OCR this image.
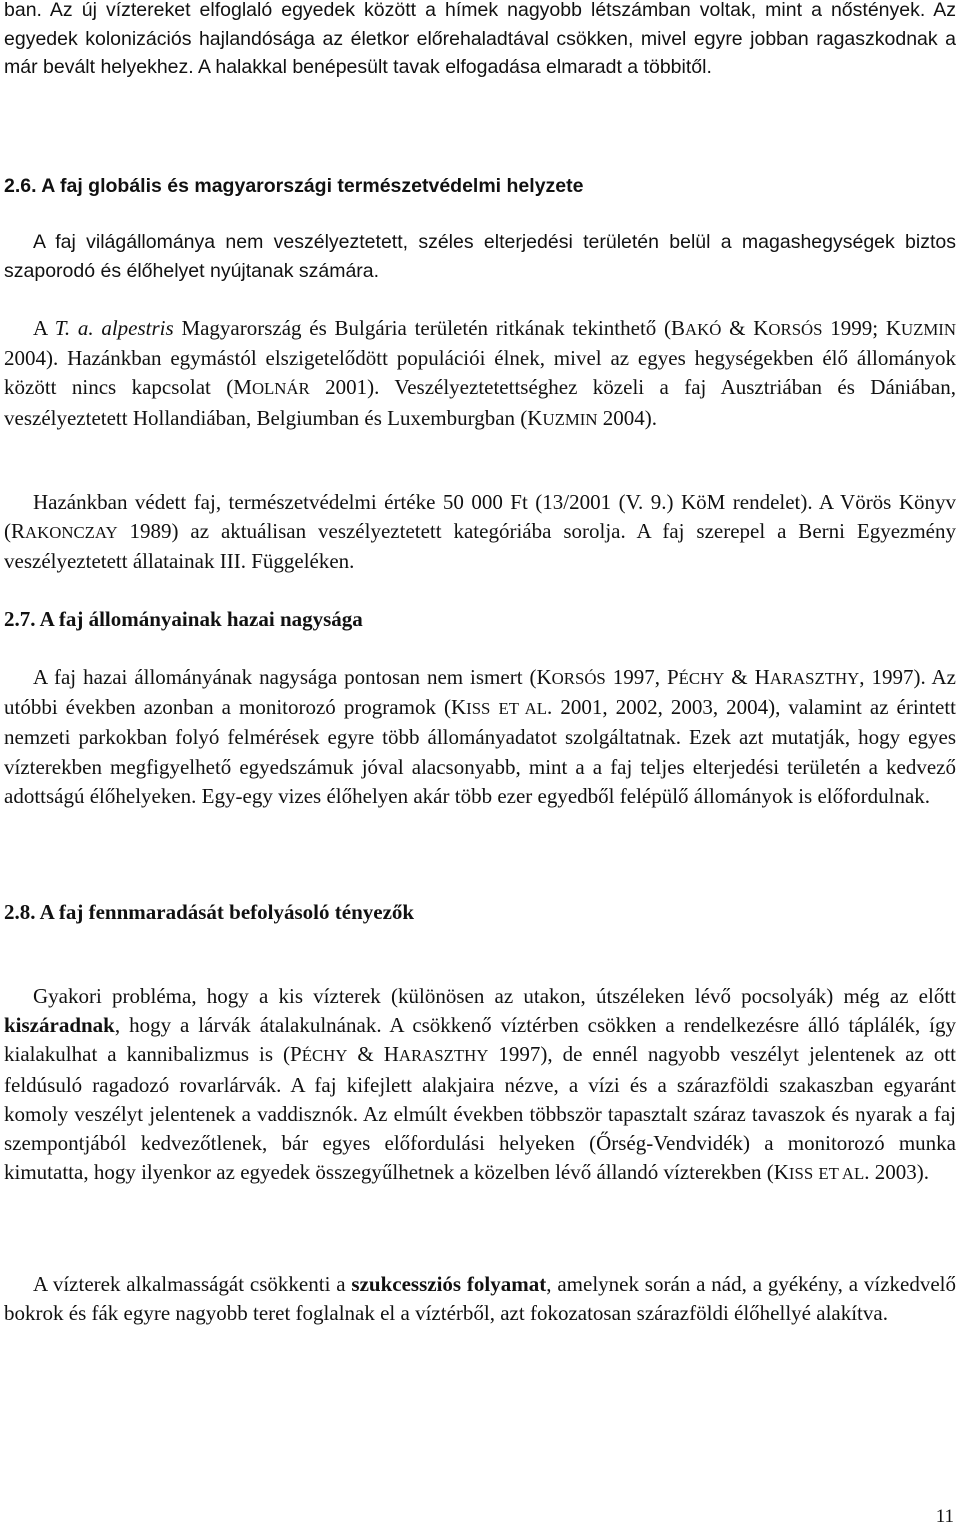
ban. Az új víztereket elfoglaló egyedek között a hímek nagyobb létszámban voltak, mint a nőstények. Az egyedek kolonizációs hajlandósága az életkor előrehaladtával csökken, mivel egyre jobban ragaszkodnak a már bevált helyekhez. A halakkal benépesült tavak elfogadása elmaradt a többitől.

2.6. A faj globális és magyarországi természetvédelmi helyzete

A faj világállománya nem veszélyeztetett, széles elterjedési területén belül a magashegységek biztos szaporodó és élőhelyet nyújtanak számára.

A T. a. alpestris Magyarország és Bulgária területén ritkának tekinthető (BAKÓ & KORSÓS 1999; KUZMIN 2004). Hazánkban egymástól elszigetelődött populációi élnek, mivel az egyes hegységekben élő állományok között nincs kapcsolat (MOLNÁR 2001). Veszélyeztetettséghez közeli a faj Ausztriában és Dániában, veszélyeztetett Hollandiában, Belgiumban és Luxemburgban (KUZMIN 2004).

Hazánkban védett faj, természetvédelmi értéke 50 000 Ft (13/2001 (V. 9.) KöM rendelet). A Vörös Könyv (RAKONCZAY 1989) az aktuálisan veszélyeztetett kategóriába sorolja. A faj szerepel a Berni Egyezmény veszélyeztetett állatainak III. Függeléken.

2.7. A faj állományainak hazai nagysága

A faj hazai állományának nagysága pontosan nem ismert (KORSÓS 1997, PÉCHY & HARASZTHY, 1997). Az utóbbi években azonban a monitorozó programok (KISS ET AL. 2001, 2002, 2003, 2004), valamint az érintett nemzeti parkokban folyó felmérések egyre több állományadatot szolgáltatnak. Ezek azt mutatják, hogy egyes vízterekben megfigyelhető egyedszámuk jóval alacsonyabb, mint a a faj teljes elterjedési területén a kedvező adottságú élőhelyeken. Egy-egy vizes élőhelyen akár több ezer egyedből felépülő állományok is előfordulnak.

2.8. A faj fennmaradását befolyásoló tényezők

Gyakori probléma, hogy a kis vízterek (különösen az utakon, útszéleken lévő pocsolyák) még az előtt kiszáradnak, hogy a lárvák átalakulnának. A csökkenő víztérben csökken a rendelkezésre álló táplálék, így kialakulhat a kannibalizmus is (PÉCHY & HARASZTHY 1997), de ennél nagyobb veszélyt jelentenek az ott feldúsuló ragadozó rovarlárvák. A faj kifejlett alakjaira nézve, a vízi és a szárazföldi szakaszban egyaránt komoly veszélyt jelentenek a vaddisznók. Az elmúlt években többször tapasztalt száraz tavaszok és nyarak a faj szempontjából kedvezőtlenek, bár egyes előfordulási helyeken (Őrség-Vendvidék) a monitorozó munka kimutatta, hogy ilyenkor az egyedek összegyűlhetnek a közelben lévő állandó vízterekben (KISS ET AL. 2003).

A vízterek alkalmasságát csökkenti a szukcessziós folyamat, amelynek során a nád, a gyékény, a vízkedvelő bokrok és fák egyre nagyobb teret foglalnak el a víztérből, azt fokozatosan szárazföldi élőhellyé alakítva.

11
